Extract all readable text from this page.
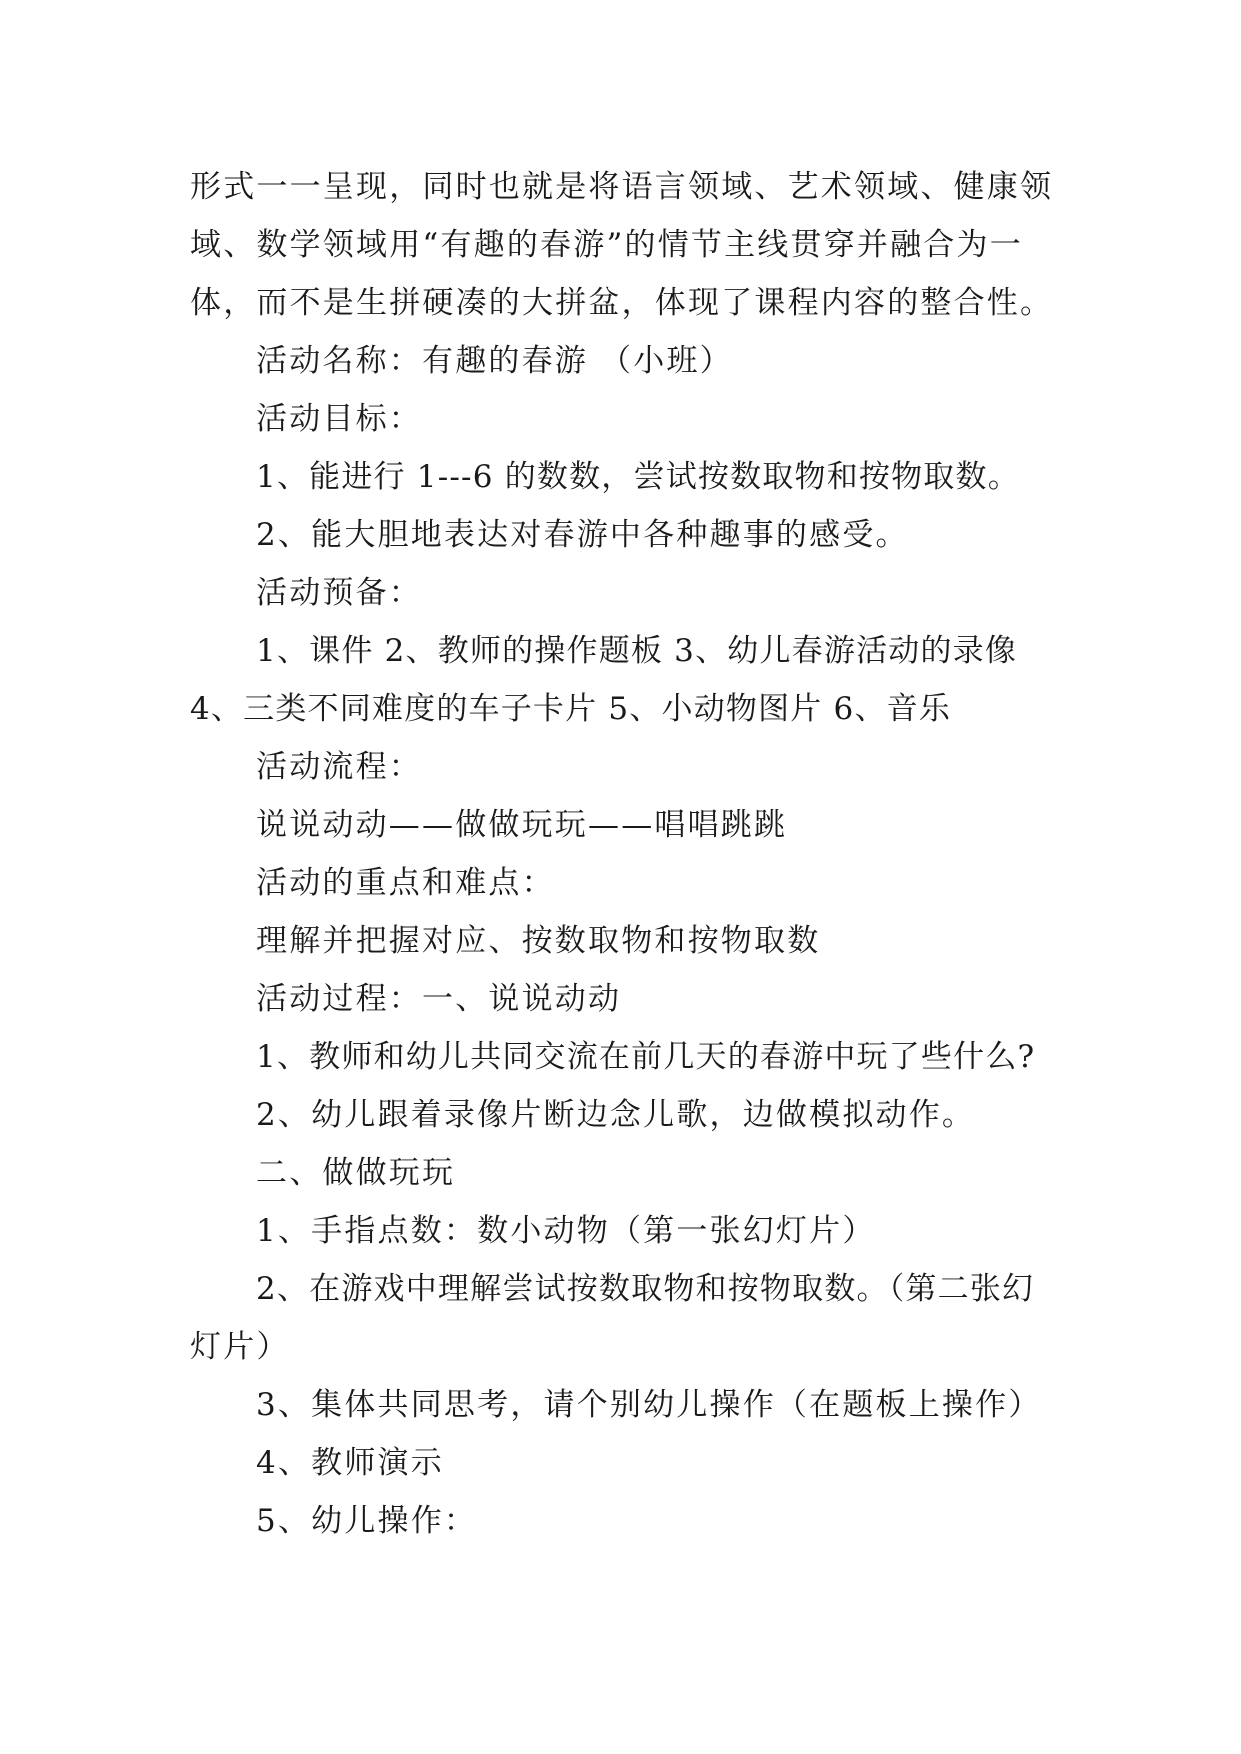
形式一一呈现，同时也就是将语言领域、艺术领域、健康领
域、数学领域用“有趣的春游”的情节主线贯穿并融合为一
体，而不是生拼硬凑的大拼盆，体现了课程内容的整合性。
活动名称：有趣的春游 （小班）
活动目标：
1、能进行 1---6 的数数，尝试按数取物和按物取数。
2、能大胆地表达对春游中各种趣事的感受。
活动预备：
1、课件 2、教师的操作题板 3、幼儿春游活动的录像
4、三类不同难度的车子卡片 5、小动物图片 6、音乐
活动流程：
说说动动——做做玩玩——唱唱跳跳
活动的重点和难点：
理解并把握对应、按数取物和按物取数
活动过程：一、说说动动
1、教师和幼儿共同交流在前几天的春游中玩了些什么?
2、幼儿跟着录像片断边念儿歌，边做模拟动作。
二、做做玩玩
1、手指点数：数小动物（第一张幻灯片）
2、在游戏中理解尝试按数取物和按物取数。（第二张幻
灯片）
3、集体共同思考，请个别幼儿操作（在题板上操作）
4、教师演示
5、幼儿操作：
